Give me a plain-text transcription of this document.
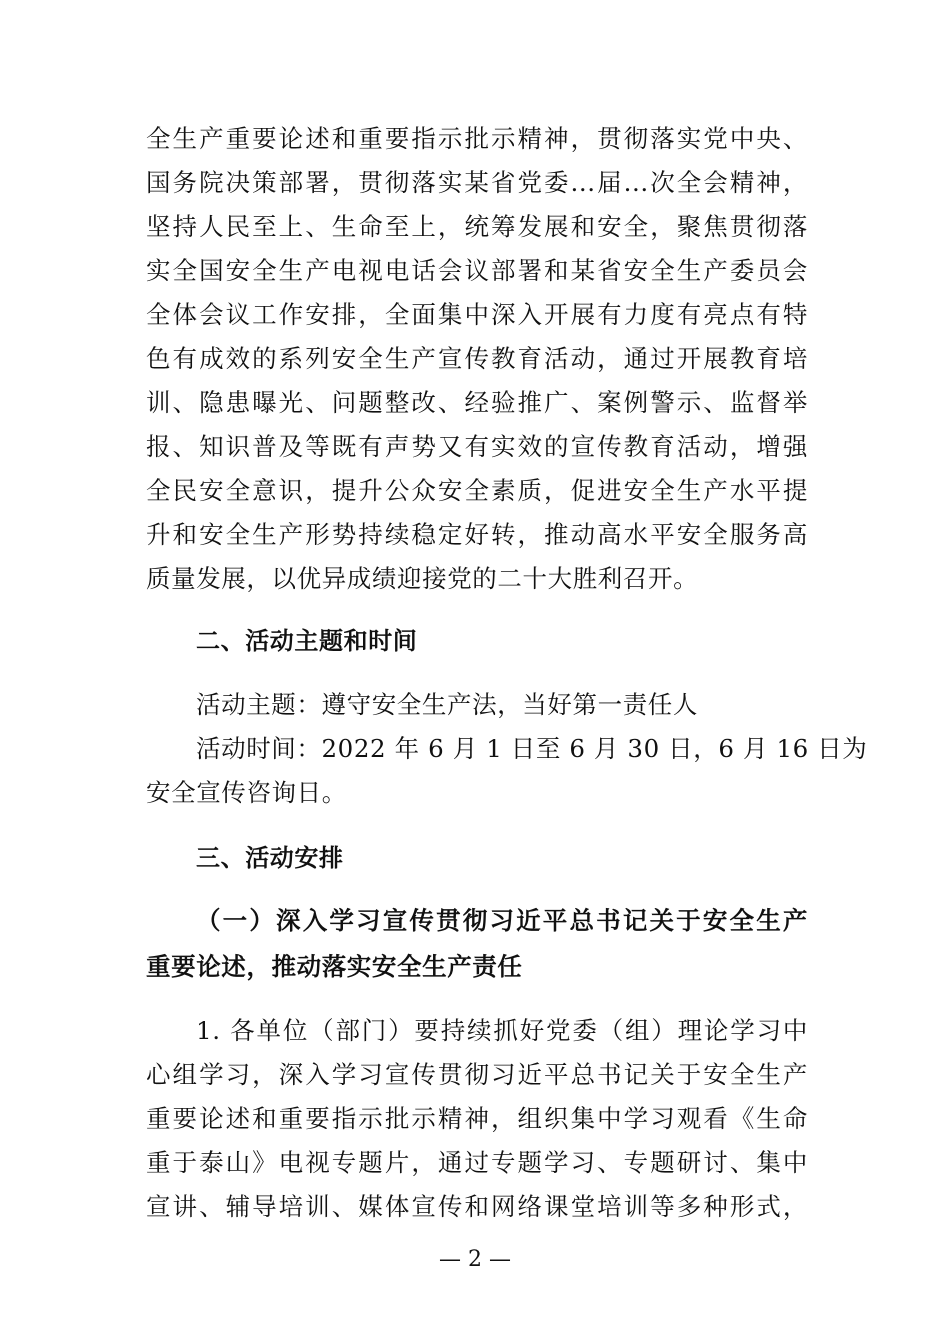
全生产重要论述和重要指示批示精神，贯彻落实党中央、
国务院决策部署，贯彻落实某省党委...届...次全会精神，
坚持人民至上、生命至上，统筹发展和安全，聚焦贯彻落
实全国安全生产电视电话会议部署和某省安全生产委员会
全体会议工作安排，全面集中深入开展有力度有亮点有特
色有成效的系列安全生产宣传教育活动，通过开展教育培
训、隐患曝光、问题整改、经验推广、案例警示、监督举
报、知识普及等既有声势又有实效的宣传教育活动，增强
全民安全意识，提升公众安全素质，促进安全生产水平提
升和安全生产形势持续稳定好转，推动高水平安全服务高
质量发展，以优异成绩迎接党的二十大胜利召开。
二、活动主题和时间
活动主题：遵守安全生产法，当好第一责任人
活动时间：2022 年 6 月 1 日至 6 月 30 日，6 月 16 日为
安全宣传咨询日。
三、活动安排
（一）深入学习宣传贯彻习近平总书记关于安全生产
重要论述，推动落实安全生产责任
1. 各单位（部门）要持续抓好党委（组）理论学习中
心组学习，深入学习宣传贯彻习近平总书记关于安全生产
重要论述和重要指示批示精神，组织集中学习观看《生命
重于泰山》电视专题片，通过专题学习、专题研讨、集中
宣讲、辅导培训、媒体宣传和网络课堂培训等多种形式，
— 2 —
